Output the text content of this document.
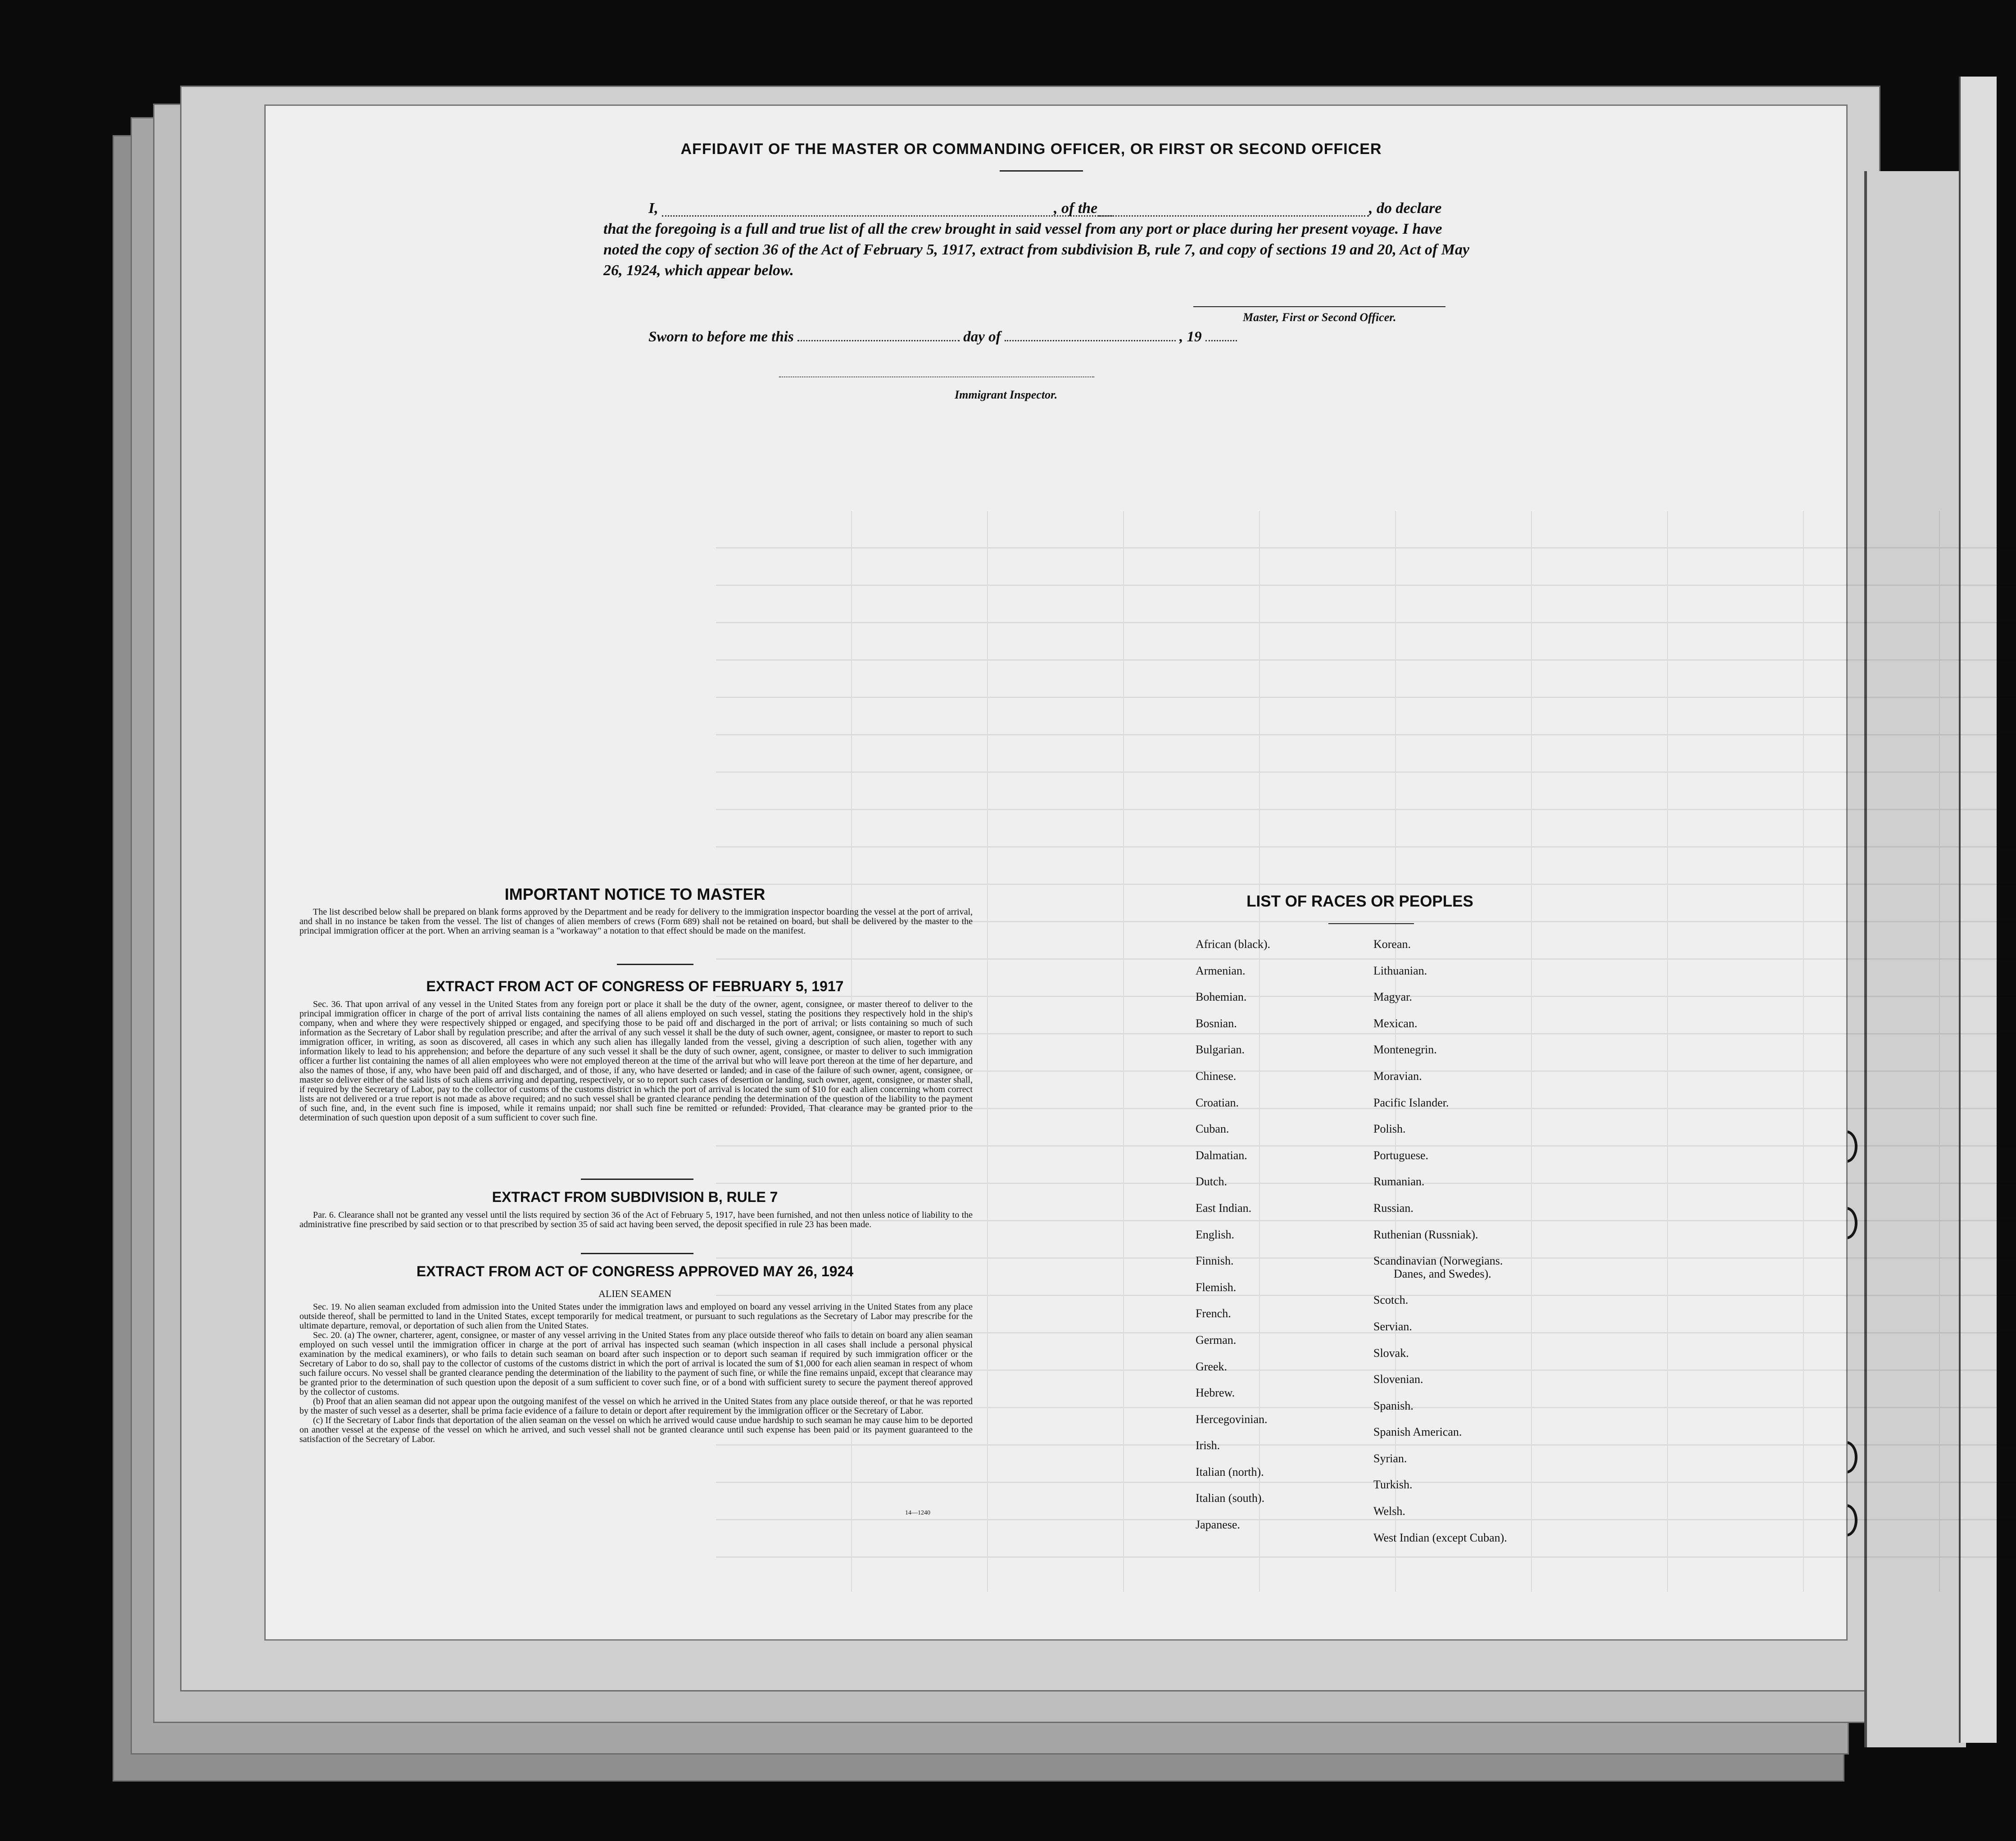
AFFIDAVIT OF THE MASTER OR COMMANDING OFFICER, OR FIRST OR SECOND OFFICER
I,	, of the	, do declare
that the foregoing is a full and true list of all the crew brought in said vessel from any port or place during her present voyage. I have noted the copy of section 36 of the Act of February 5, 1917, extract from subdivision B, rule 7, and copy of sections 19 and 20, Act of May 26, 1924, which appear below.
Master, First or Second Officer.
Sworn to before me this	day of	, 19
Immigrant Inspector.
IMPORTANT NOTICE TO MASTER
The list described below shall be prepared on blank forms approved by the Department and be ready for delivery to the immigration inspector boarding the vessel at the port of arrival, and shall in no instance be taken from the vessel. The list of changes of alien members of crews (Form 689) shall not be retained on board, but shall be delivered by the master to the principal immigration officer at the port. When an arriving seaman is a "workaway" a notation to that effect should be made on the manifest.
EXTRACT FROM ACT OF CONGRESS OF FEBRUARY 5, 1917
Sec. 36. That upon arrival of any vessel in the United States from any foreign port or place it shall be the duty of the owner, agent, consignee, or master thereof to deliver to the principal immigration officer in charge of the port of arrival lists containing the names of all aliens employed on such vessel, stating the positions they respectively hold in the ship's company, when and where they were respectively shipped or engaged, and specifying those to be paid off and discharged in the port of arrival; or lists containing so much of such information as the Secretary of Labor shall by regulation prescribe; and after the arrival of any such vessel it shall be the duty of such owner, agent, consignee, or master to report to such immigration officer, in writing, as soon as discovered, all cases in which any such alien has illegally landed from the vessel, giving a description of such alien, together with any information likely to lead to his apprehension; and before the departure of any such vessel it shall be the duty of such owner, agent, consignee, or master to deliver to such immigration officer a further list containing the names of all alien employees who were not employed thereon at the time of the arrival but who will leave port thereon at the time of her departure, and also the names of those, if any, who have been paid off and discharged, and of those, if any, who have deserted or landed; and in case of the failure of such owner, agent, consignee, or master so deliver either of the said lists of such aliens arriving and departing, respectively, or so to report such cases of desertion or landing, such owner, agent, consignee, or master shall, if required by the Secretary of Labor, pay to the collector of customs of the customs district in which the port of arrival is located the sum of $10 for each alien concerning whom correct lists are not delivered or a true report is not made as above required; and no such vessel shall be granted clearance pending the determination of the question of the liability to the payment of such fine, and, in the event such fine is imposed, while it remains unpaid; nor shall such fine be remitted or refunded: Provided, That clearance may be granted prior to the determination of such question upon deposit of a sum sufficient to cover such fine.
EXTRACT FROM SUBDIVISION B, RULE 7
Par. 6. Clearance shall not be granted any vessel until the lists required by section 36 of the Act of February 5, 1917, have been furnished, and not then unless notice of liability to the administrative fine prescribed by said section or to that prescribed by section 35 of said act having been served, the deposit specified in rule 23 has been made.
EXTRACT FROM ACT OF CONGRESS APPROVED MAY 26, 1924
ALIEN SEAMEN
Sec. 19. No alien seaman excluded from admission into the United States under the immigration laws and employed on board any vessel arriving in the United States from any place outside thereof, shall be permitted to land in the United States, except temporarily for medical treatment, or pursuant to such regulations as the Secretary of Labor may prescribe for the ultimate departure, removal, or deportation of such alien from the United States.
Sec. 20. (a) The owner, charterer, agent, consignee, or master of any vessel arriving in the United States from any place outside thereof who fails to detain on board any alien seaman employed on such vessel until the immigration officer in charge at the port of arrival has inspected such seaman (which inspection in all cases shall include a personal physical examination by the medical examiners), or who fails to detain such seaman on board after such inspection or to deport such seaman if required by such immigration officer or the Secretary of Labor to do so, shall pay to the collector of customs of the customs district in which the port of arrival is located the sum of $1,000 for each alien seaman in respect of whom such failure occurs. No vessel shall be granted clearance pending the determination of the liability to the payment of such fine, or while the fine remains unpaid, except that clearance may be granted prior to the determination of such question upon the deposit of a sum sufficient to cover such fine, or of a bond with sufficient surety to secure the payment thereof approved by the collector of customs.
(b) Proof that an alien seaman did not appear upon the outgoing manifest of the vessel on which he arrived in the United States from any place outside thereof, or that he was reported by the master of such vessel as a deserter, shall be prima facie evidence of a failure to detain or deport after requirement by the immigration officer or the Secretary of Labor.
(c) If the Secretary of Labor finds that deportation of the alien seaman on the vessel on which he arrived would cause undue hardship to such seaman he may cause him to be deported on another vessel at the expense of the vessel on which he arrived, and such vessel shall not be granted clearance until such expense has been paid or its payment guaranteed to the satisfaction of the Secretary of Labor.
14—1240
LIST OF RACES OR PEOPLES
African (black).
Armenian.
Bohemian.
Bosnian.
Bulgarian.
Chinese.
Croatian.
Cuban.
Dalmatian.
Dutch.
East Indian.
English.
Finnish.
Flemish.
French.
German.
Greek.
Hebrew.
Hercegovinian.
Irish.
Italian (north).
Italian (south).
Japanese.
Korean.
Lithuanian.
Magyar.
Mexican.
Montenegrin.
Moravian.
Pacific Islander.
Polish.
Portuguese.
Rumanian.
Russian.
Ruthenian (Russniak).
Scandinavian (Norwegians.
Danes, and Swedes).
Scotch.
Servian.
Slovak.
Slovenian.
Spanish.
Spanish American.
Syrian.
Turkish.
Welsh.
West Indian (except Cuban).
